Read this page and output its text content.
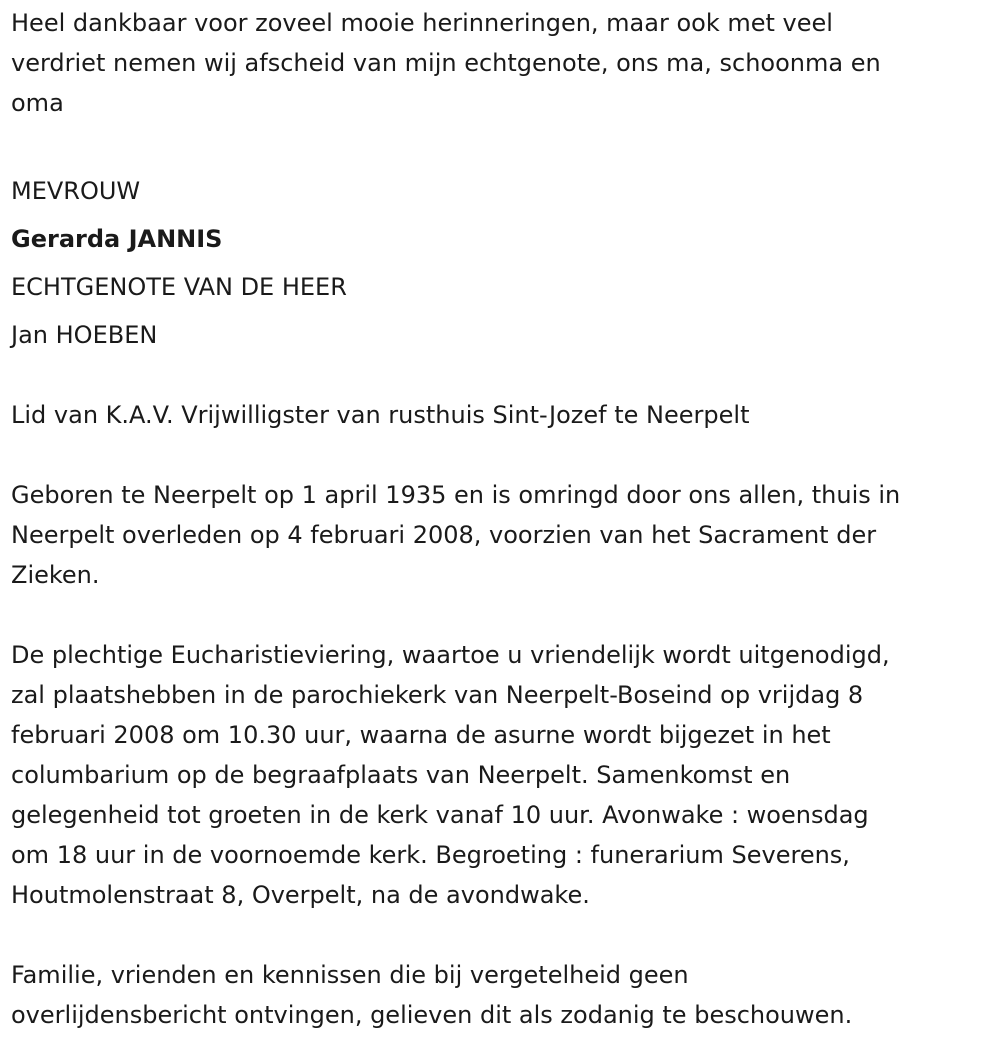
Heel dankbaar voor zoveel mooie herinneringen, maar ook met veel
verdriet nemen wij afscheid van mijn echtgenote, ons ma, schoonma en
oma
MEVROUW
Gerarda JANNIS
ECHTGENOTE VAN DE HEER
Jan HOEBEN
Lid van K.A.V. Vrijwilligster van rusthuis Sint-Jozef te Neerpelt
Geboren te Neerpelt op 1 april 1935 en is omringd door ons allen, thuis in
Neerpelt overleden op 4 februari 2008, voorzien van het Sacrament der
Zieken.
De plechtige Eucharistieviering, waartoe u vriendelijk wordt uitgenodigd,
zal plaatshebben in de parochiekerk van Neerpelt-Boseind op vrijdag 8
februari 2008 om 10.30 uur, waarna de asurne wordt bijgezet in het
columbarium op de begraafplaats van Neerpelt. Samenkomst en
gelegenheid tot groeten in de kerk vanaf 10 uur. Avonwake : woensdag
om 18 uur in de voornoemde kerk. Begroeting : funerarium Severens,
Houtmolenstraat 8, Overpelt, na de avondwake.
Familie, vrienden en kennissen die bij vergetelheid geen
overlijdensbericht ontvingen, gelieven dit als zodanig te beschouwen.
